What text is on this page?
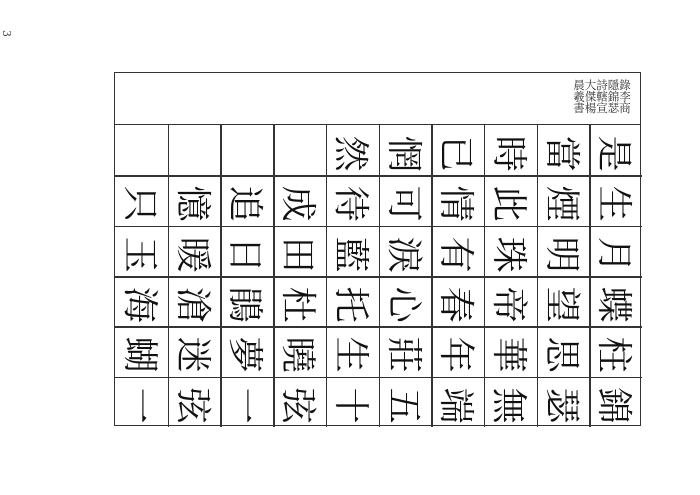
3
錄李商隱錦瑟詩轄宣大傑楊晨羲書
是
當
時
已
惘
然
生
煙
此
情
可
待
成
追
憶
只
月
明
珠
有
淚
藍
田
日
暖
玉
蝶
望
帝
春
心
托
杜
鵑
滄
海
柱
思
華
年
莊
生
曉
夢
迷
蝴
錦
瑟
無
端
五
十
弦
一
弦
一
